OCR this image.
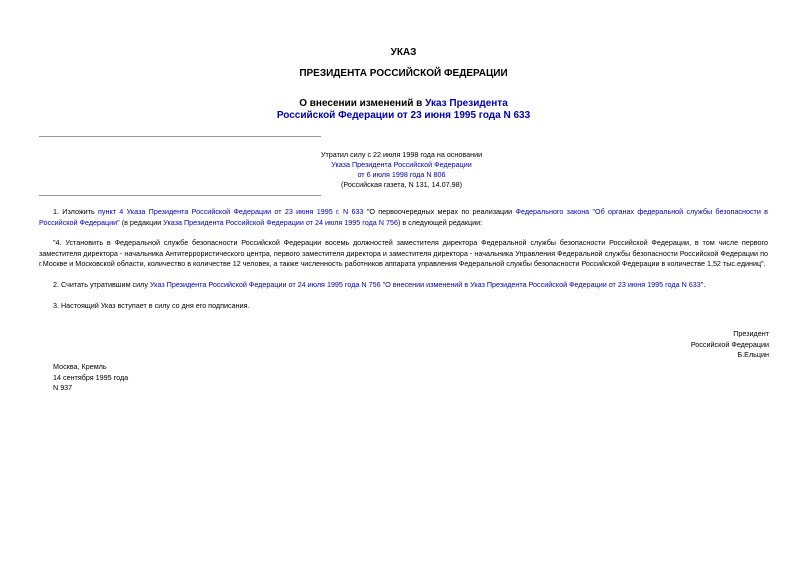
УКАЗ
ПРЕЗИДЕНТА РОССИЙСКОЙ ФЕДЕРАЦИИ
О внесении изменений в Указ Президента
Российской Федерации от 23 июня 1995 года N 633
Утратил силу с 22 июля 1998 года на основании
Указа Президента Российской Федерации
от 6 июля 1998 года N 806
(Российская газета, N 131, 14.07.98)

1. Изложить пункт 4 Указа Президента Российской Федерации от 23 июня 1995 г. N 633 "О первоочередных мерах по реализации Федерального закона "Об органах федеральной службы безопасности в Российской Федерации" (в редакции Указа Президента Российской Федерации от 24 июля 1995 года N 756) в следующей редакции:

"4. Установить в Федеральной службе безопасности Российской Федерации восемь должностей заместителя директора Федеральной службы безопасности Российской Федерации, в том числе первого заместителя директора - начальника Антитеррористического центра, первого заместителя директора и заместителя директора - начальника Управления Федеральной службы безопасности Российской Федерации по г.Москве и Московской области, количество в количестве 12 человек, а также численность работников аппарата управления Федеральной службы безопасности Российской Федерации в количестве 1,52 тыс.единиц".

2. Считать утратившим силу Указ Президента Российской Федерации от 24 июля 1995 года N 756 "О внесении изменений в Указ Президента Российской Федерации от 23 июня 1995 года N 633".

3. Настоящий Указ вступает в силу со дня его подписания.

Президент
Российской Федерации
Б.Ельцин
Москва, Кремль
14 сентября 1995 года
N 937
